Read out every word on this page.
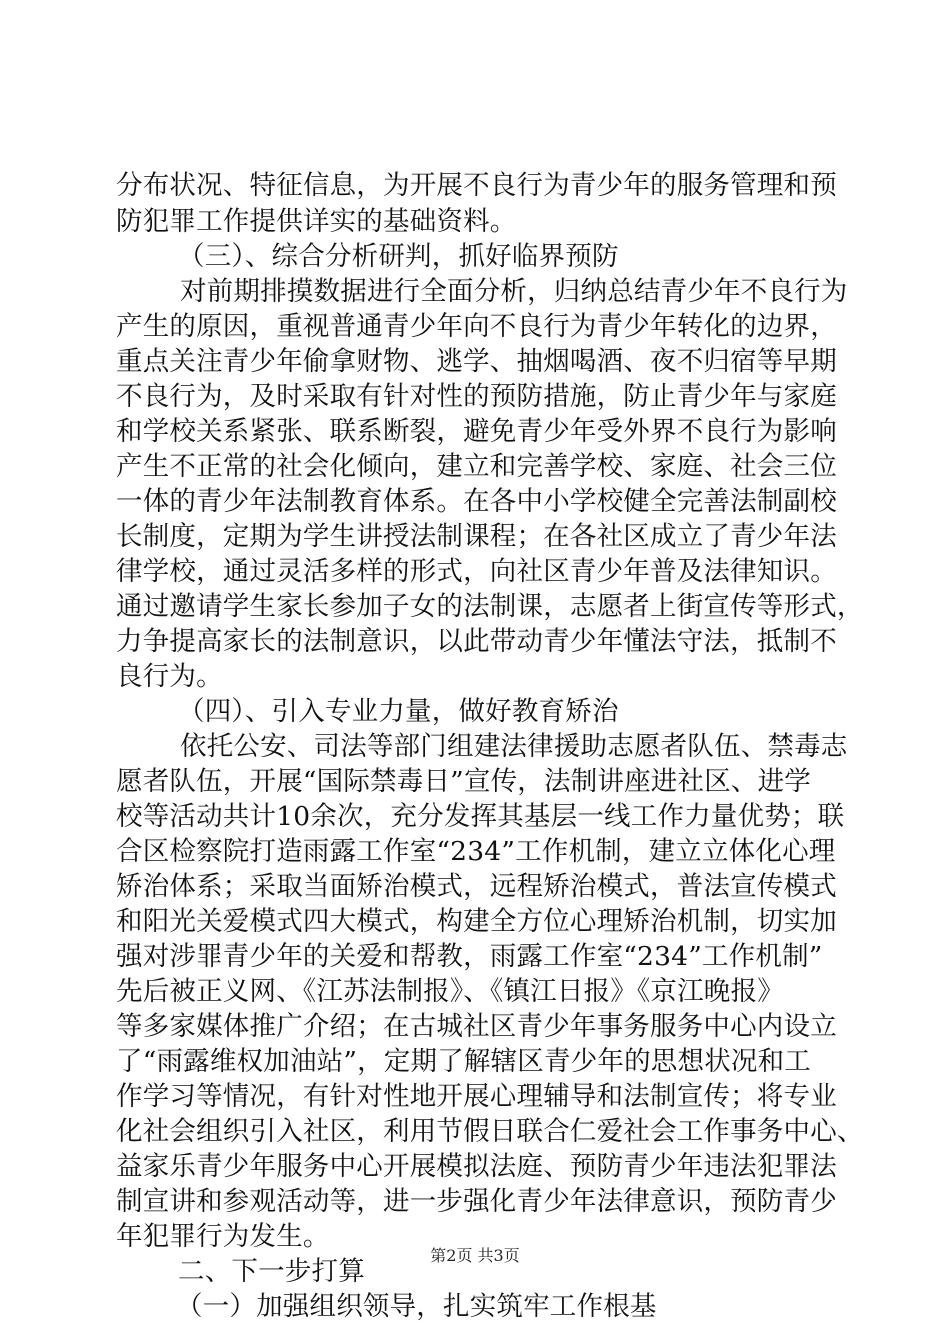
分布状况、特征信息，为开展不良行为青少年的服务管理和预
防犯罪工作提供详实的基础资料。
（三）、综合分析研判，抓好临界预防
对前期排摸数据进行全面分析，归纳总结青少年不良行为
产生的原因，重视普通青少年向不良行为青少年转化的边界，
重点关注青少年偷拿财物、逃学、抽烟喝酒、夜不归宿等早期
不良行为，及时采取有针对性的预防措施，防止青少年与家庭
和学校关系紧张、联系断裂，避免青少年受外界不良行为影响
产生不正常的社会化倾向，建立和完善学校、家庭、社会三位
一体的青少年法制教育体系。在各中小学校健全完善法制副校
长制度，定期为学生讲授法制课程；在各社区成立了青少年法
律学校，通过灵活多样的形式，向社区青少年普及法律知识。
通过邀请学生家长参加子女的法制课，志愿者上街宣传等形式，
力争提高家长的法制意识，以此带动青少年懂法守法，抵制不
良行为。
（四）、引入专业力量，做好教育矫治
依托公安、司法等部门组建法律援助志愿者队伍、禁毒志
愿者队伍，开展“国际禁毒日”宣传，法制讲座进社区、进学
校等活动共计10余次，充分发挥其基层一线工作力量优势；联
合区检察院打造雨露工作室“234”工作机制，建立立体化心理
矫治体系；采取当面矫治模式，远程矫治模式，普法宣传模式
和阳光关爱模式四大模式，构建全方位心理矫治机制，切实加
强对涉罪青少年的关爱和帮教，雨露工作室“234”工作机制”
先后被正义网、《江苏法制报》、《镇江日报》《京江晚报》
等多家媒体推广介绍；在古城社区青少年事务服务中心内设立
了“雨露维权加油站”，定期了解辖区青少年的思想状况和工
作学习等情况，有针对性地开展心理辅导和法制宣传；将专业
化社会组织引入社区，利用节假日联合仁爱社会工作事务中心、
益家乐青少年服务中心开展模拟法庭、预防青少年违法犯罪法
制宣讲和参观活动等，进一步强化青少年法律意识，预防青少
年犯罪行为发生。
二、下一步打算
（一）加强组织领导，扎实筑牢工作根基
第2页 共3页
